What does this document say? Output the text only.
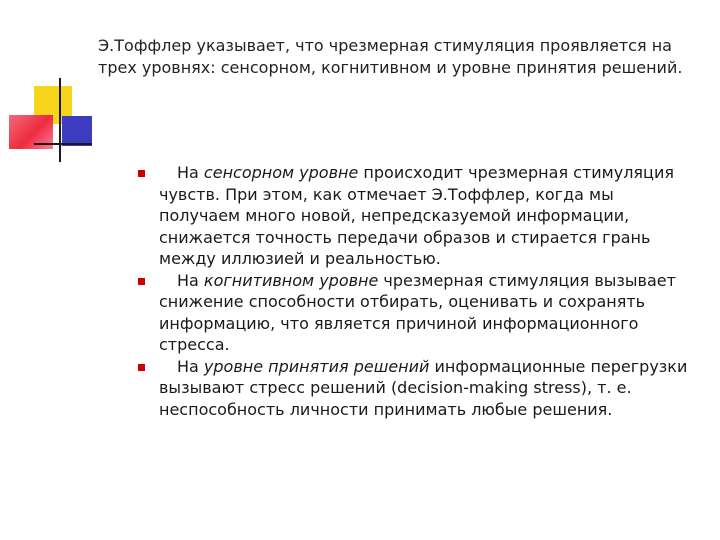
Э.Тоффлер указывает, что чрезмерная стимуляция проявляется на трех уровнях: сенсорном, когнитивном и уровне принятия решений.
На сенсорном уровне происходит чрезмерная стимуляция чувств. При этом, как отмечает Э.Тоффлер, когда мы получаем много новой, непредсказуемой информации, снижается точность передачи образов и стирается грань между иллюзией и реальностью.
На когнитивном уровне чрезмерная стимуляция вызывает снижение способности отбирать, оценивать и сохранять информацию, что является причиной информационного стресса.
На уровне принятия решений информационные перегрузки вызывают стресс решений (decision-making stress), т. е. неспособность личности принимать любые решения.
